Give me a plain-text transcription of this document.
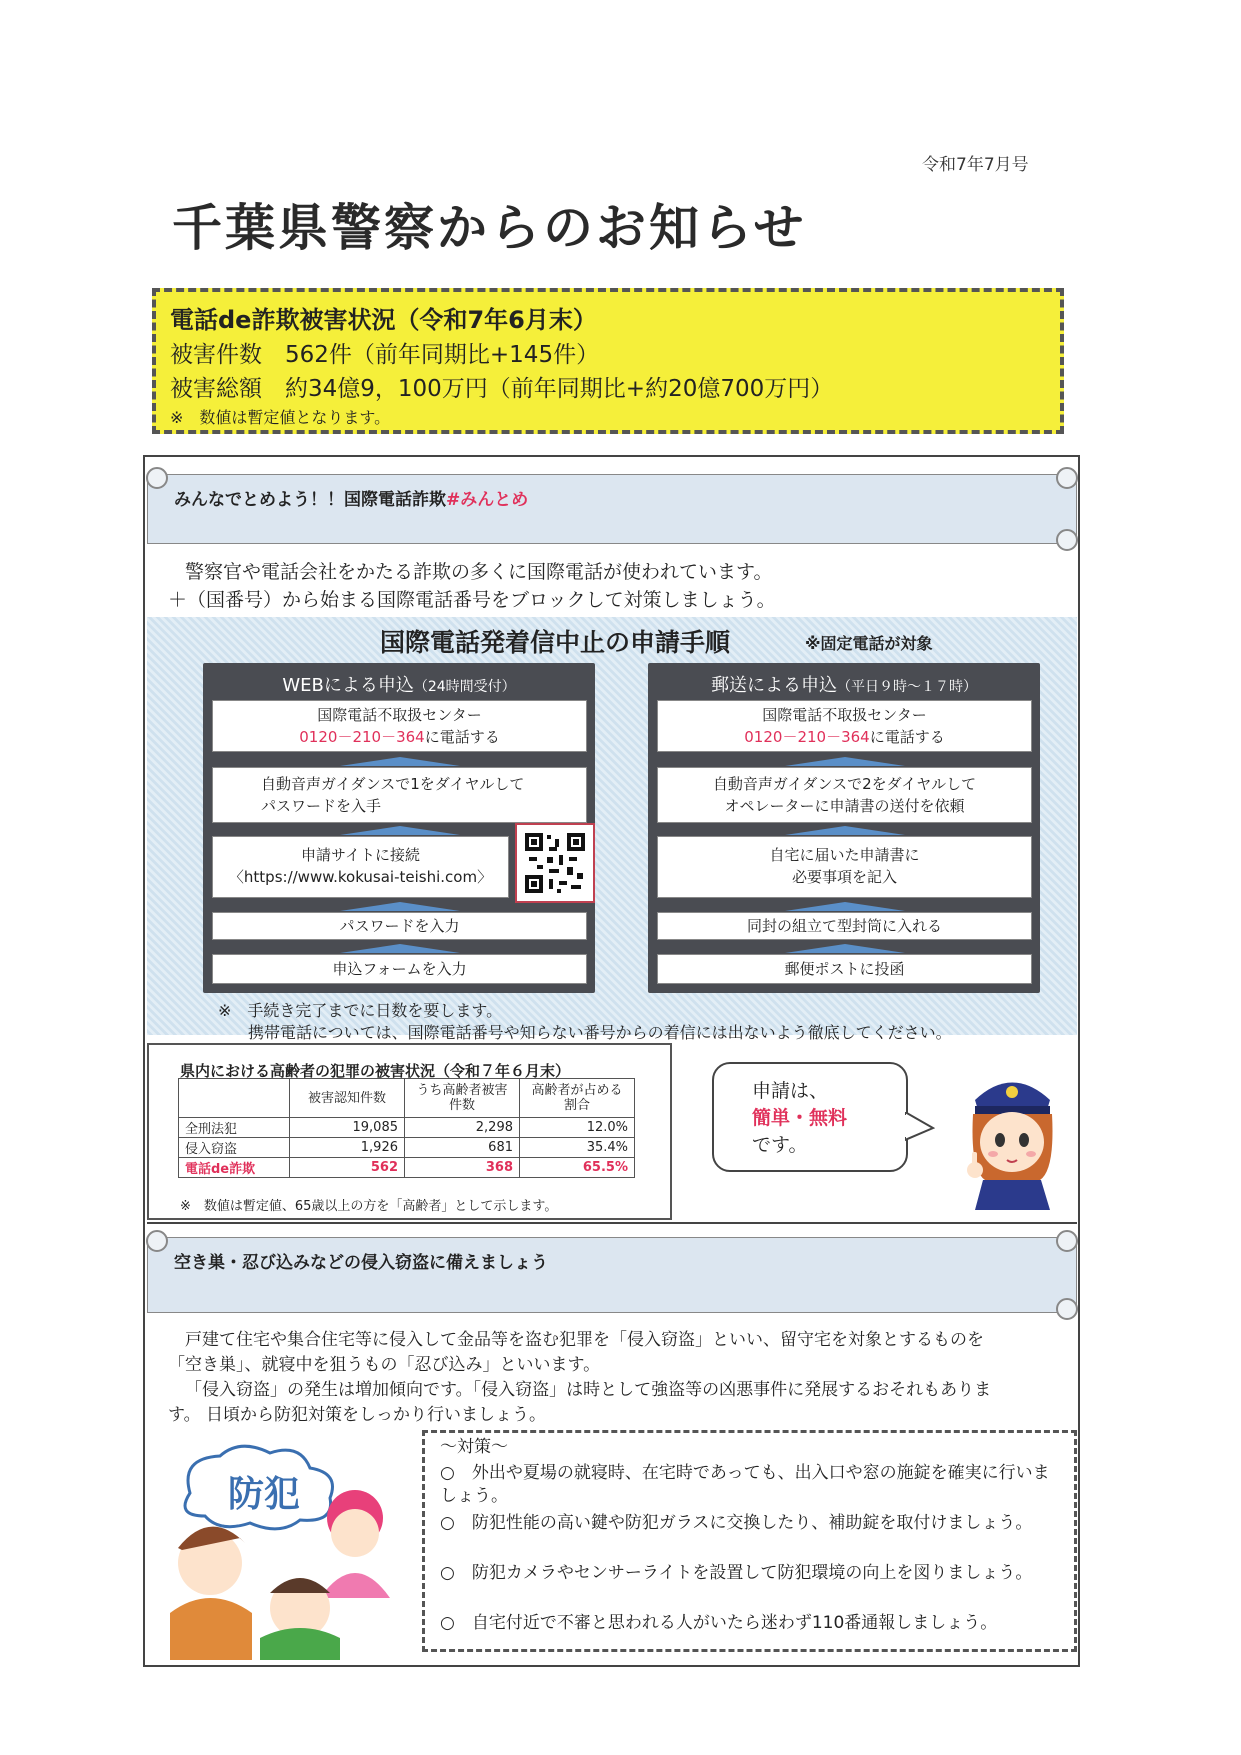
令和7年7月号
千葉県警察からのお知らせ
電話de詐欺被害状況（令和7年6月末）
被害件数　562件（前年同期比+145件）
被害総額　約34億9，100万円（前年同期比+約20億700万円）
※　数値は暫定値となります。
みんなでとめよう！！国際電話詐欺#みんとめ
警察官や電話会社をかたる詐欺の多くに国際電話が使われています。
＋（国番号）から始まる国際電話番号をブロックして対策しましょう。
国際電話発着信中止の申請手順	※固定電話が対象
WEBによる申込（24時間受付）
国際電話不取扱センター
0120－210－364に電話する
自動音声ガイダンスで1をダイヤルして
パスワードを入手
申請サイトに接続
〈https://www.kokusai-teishi.com〉
パスワードを入力
申込フォームを入力
郵送による申込（平日９時～１７時）
国際電話不取扱センター
0120－210－364に電話する
自動音声ガイダンスで2をダイヤルして
オペレーターに申請書の送付を依頼
自宅に届いた申請書に
必要事項を記入
同封の組立て型封筒に入れる
郵便ポストに投函
※　手続き完了までに日数を要します。
携帯電話については、国際電話番号や知らない番号からの着信には出ないよう徹底してください。
県内における高齢者の犯罪の被害状況（令和７年６月末）
	被害認知件数	うち高齢者被害件数	高齢者が占める割合
全刑法犯	19,085	2,298	12.0%
侵入窃盗	1,926	681	35.4%
電話de詐欺	562	368	65.5%
※　数値は暫定値、65歳以上の方を「高齢者」として示します。
申請は、
簡単・無料
です。
空き巣・忍び込みなどの侵入窃盗に備えましょう
戸建て住宅や集合住宅等に侵入して金品等を盗む犯罪を「侵入窃盗」といい、留守宅を対象とするものを
「空き巣」、就寝中を狙うもの「忍び込み」といいます。
「侵入窃盗」の発生は増加傾向です。「侵入窃盗」は時として強盗等の凶悪事件に発展するおそれもありま
す。 日頃から防犯対策をしっかり行いましょう。
防犯
～対策～
○　外出や夏場の就寝時、在宅時であっても、出入口や窓の施錠を確実に行いましょう。
○　防犯性能の高い鍵や防犯ガラスに交換したり、補助錠を取付けましょう。
○　防犯カメラやセンサーライトを設置して防犯環境の向上を図りましょう。
○　自宅付近で不審と思われる人がいたら迷わず110番通報しましょう。
